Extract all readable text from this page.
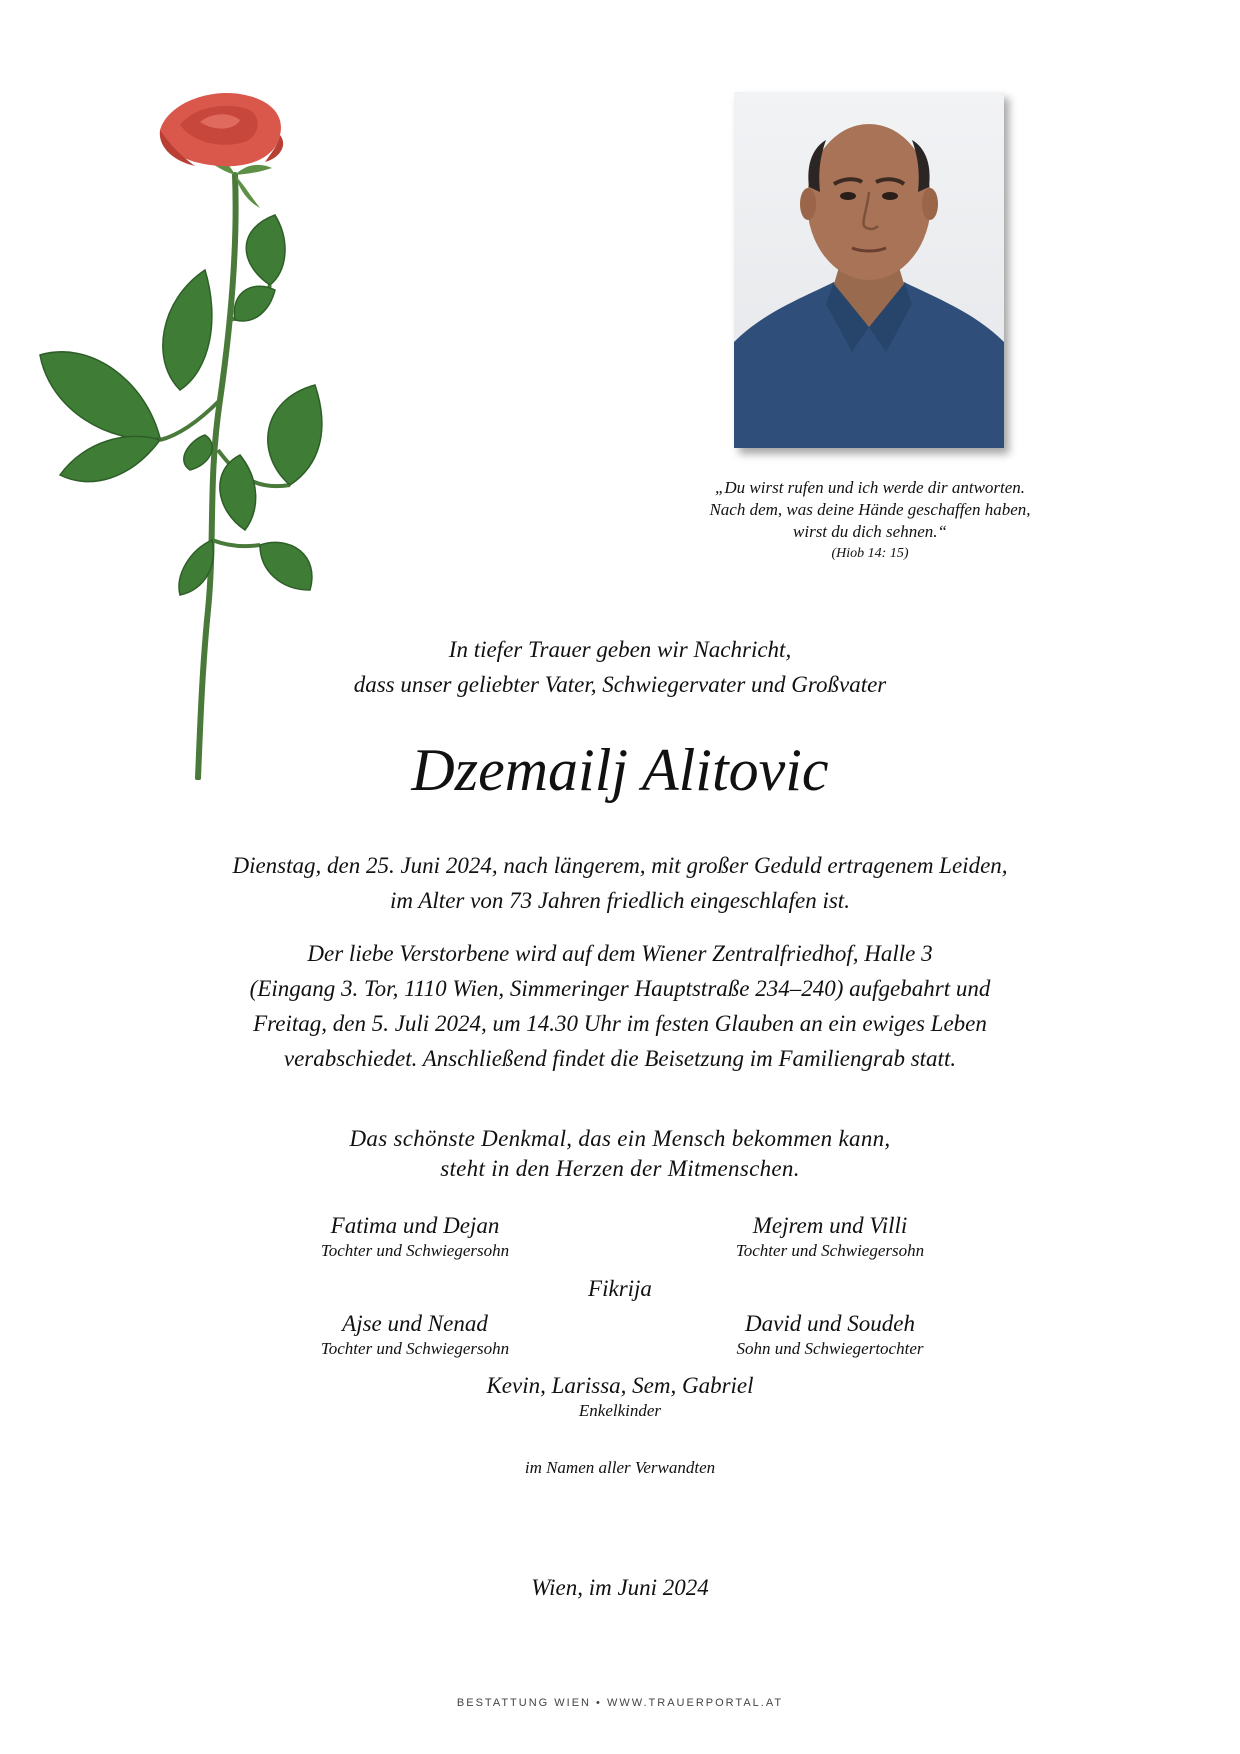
„Du wirst rufen und ich werde dir antworten.
Nach dem, was deine Hände geschaffen haben,
wirst du dich sehnen.“
(Hiob 14: 15)
In tiefer Trauer geben wir Nachricht,
dass unser geliebter Vater, Schwiegervater und Großvater
Dzemailj Alitovic

Dienstag, den 25. Juni 2024, nach längerem, mit großer Geduld ertragenem Leiden,
im Alter von 73 Jahren friedlich eingeschlafen ist.

Der liebe Verstorbene wird auf dem Wiener Zentralfriedhof, Halle 3
(Eingang 3. Tor, 1110 Wien, Simmeringer Hauptstraße 234–240) aufgebahrt und
Freitag, den 5. Juli 2024, um 14.30 Uhr im festen Glauben an ein ewiges Leben
verabschiedet. Anschließend findet die Beisetzung im Familiengrab statt.

Das schönste Denkmal, das ein Mensch bekommen kann,
steht in den Herzen der Mitmenschen.
Fatima und Dejan
Tochter und Schwiegersohn
Mejrem und Villi
Tochter und Schwiegersohn
Fikrija
Ajse und Nenad
Tochter und Schwiegersohn
David und Soudeh
Sohn und Schwiegertochter
Kevin, Larissa, Sem, Gabriel
Enkelkinder
im Namen aller Verwandten
Wien, im Juni 2024
BESTATTUNG WIEN • WWW.TRAUERPORTAL.AT
